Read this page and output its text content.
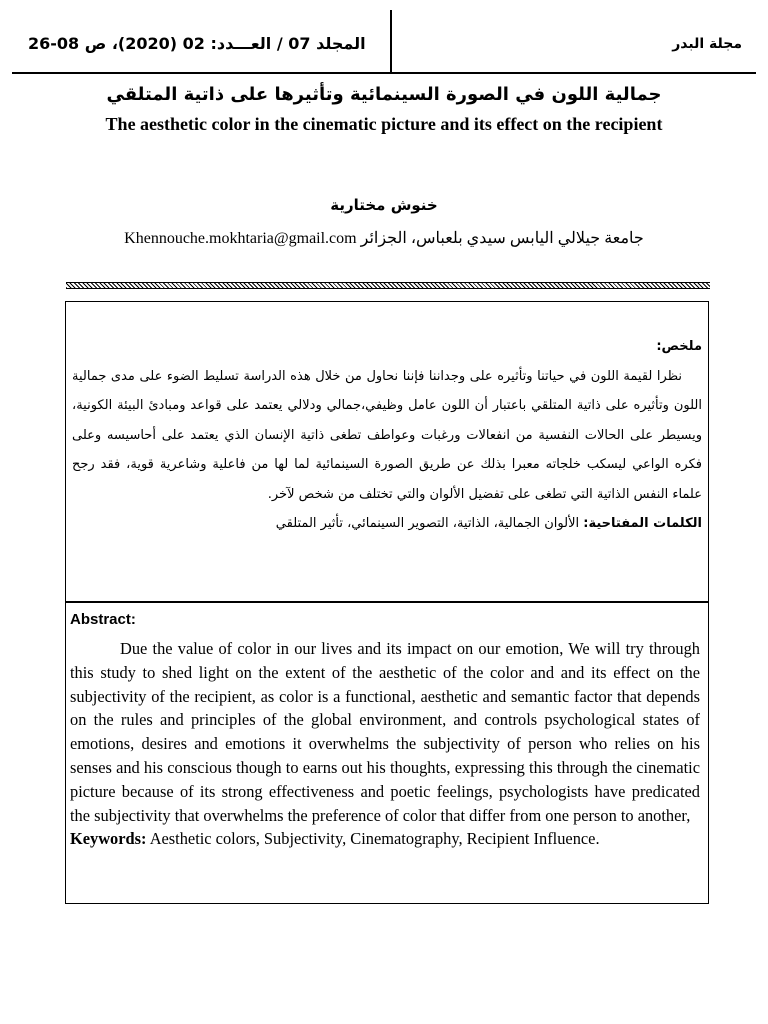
المجلد 07 / العـــدد: 02 (2020)، ص 08-26	مجلة البدر
جمالية اللون في الصورة السينمائية وتأثيرها على ذاتية المتلقي
The aesthetic color in the cinematic picture and its effect on the recipient
خنوش مختارية
جامعة جيلالي اليابس سيدي بلعباس، الجزائر Khennouche.mokhtaria@gmail.com
ملخص:
نظرا لقيمة اللون في حياتنا وتأثيره على وجداننا فإننا نحاول من خلال هذه الدراسة تسليط الضوء على مدى جمالية اللون وتأثيره على ذاتية المتلقي باعتبار أن اللون عامل وظيفي،جمالي ودلالي يعتمد على قواعد ومبادئ البيئة الكونية، ويسيطر على الحالات النفسية من انفعالات ورغبات وعواطف تطغى ذاتية الإنسان الذي يعتمد على أحاسيسه وعلى فكره الواعي ليسكب خلجاته معبرا بذلك عن طريق الصورة السينمائية لما لها من فاعلية وشاعرية قوية، فقد رجح علماء النفس الذاتية التي تطغى على تفضيل الألوان والتي تختلف من شخص لآخر.
الكلمات المفتاحية: الألوان الجمالية، الذاتية، التصوير السينمائي، تأثير المتلقي
Abstract:
Due the value of color in our lives and its impact on our emotion, We will try through this study to shed light on the extent of the aesthetic of the color and and its effect on the subjectivity of the recipient, as color is a functional, aesthetic and semantic factor that depends on the rules and principles of the global environment, and controls psychological states of emotions, desires and emotions it overwhelms the subjectivity of person who relies on his senses and his conscious though to earns out his thoughts, expressing this through the cinematic picture because of its strong effectiveness and poetic feelings, psychologists have predicated the subjectivity that overwhelms the preference of color that differ from one person to another,
Keywords: Aesthetic colors, Subjectivity, Cinematography, Recipient Influence.
